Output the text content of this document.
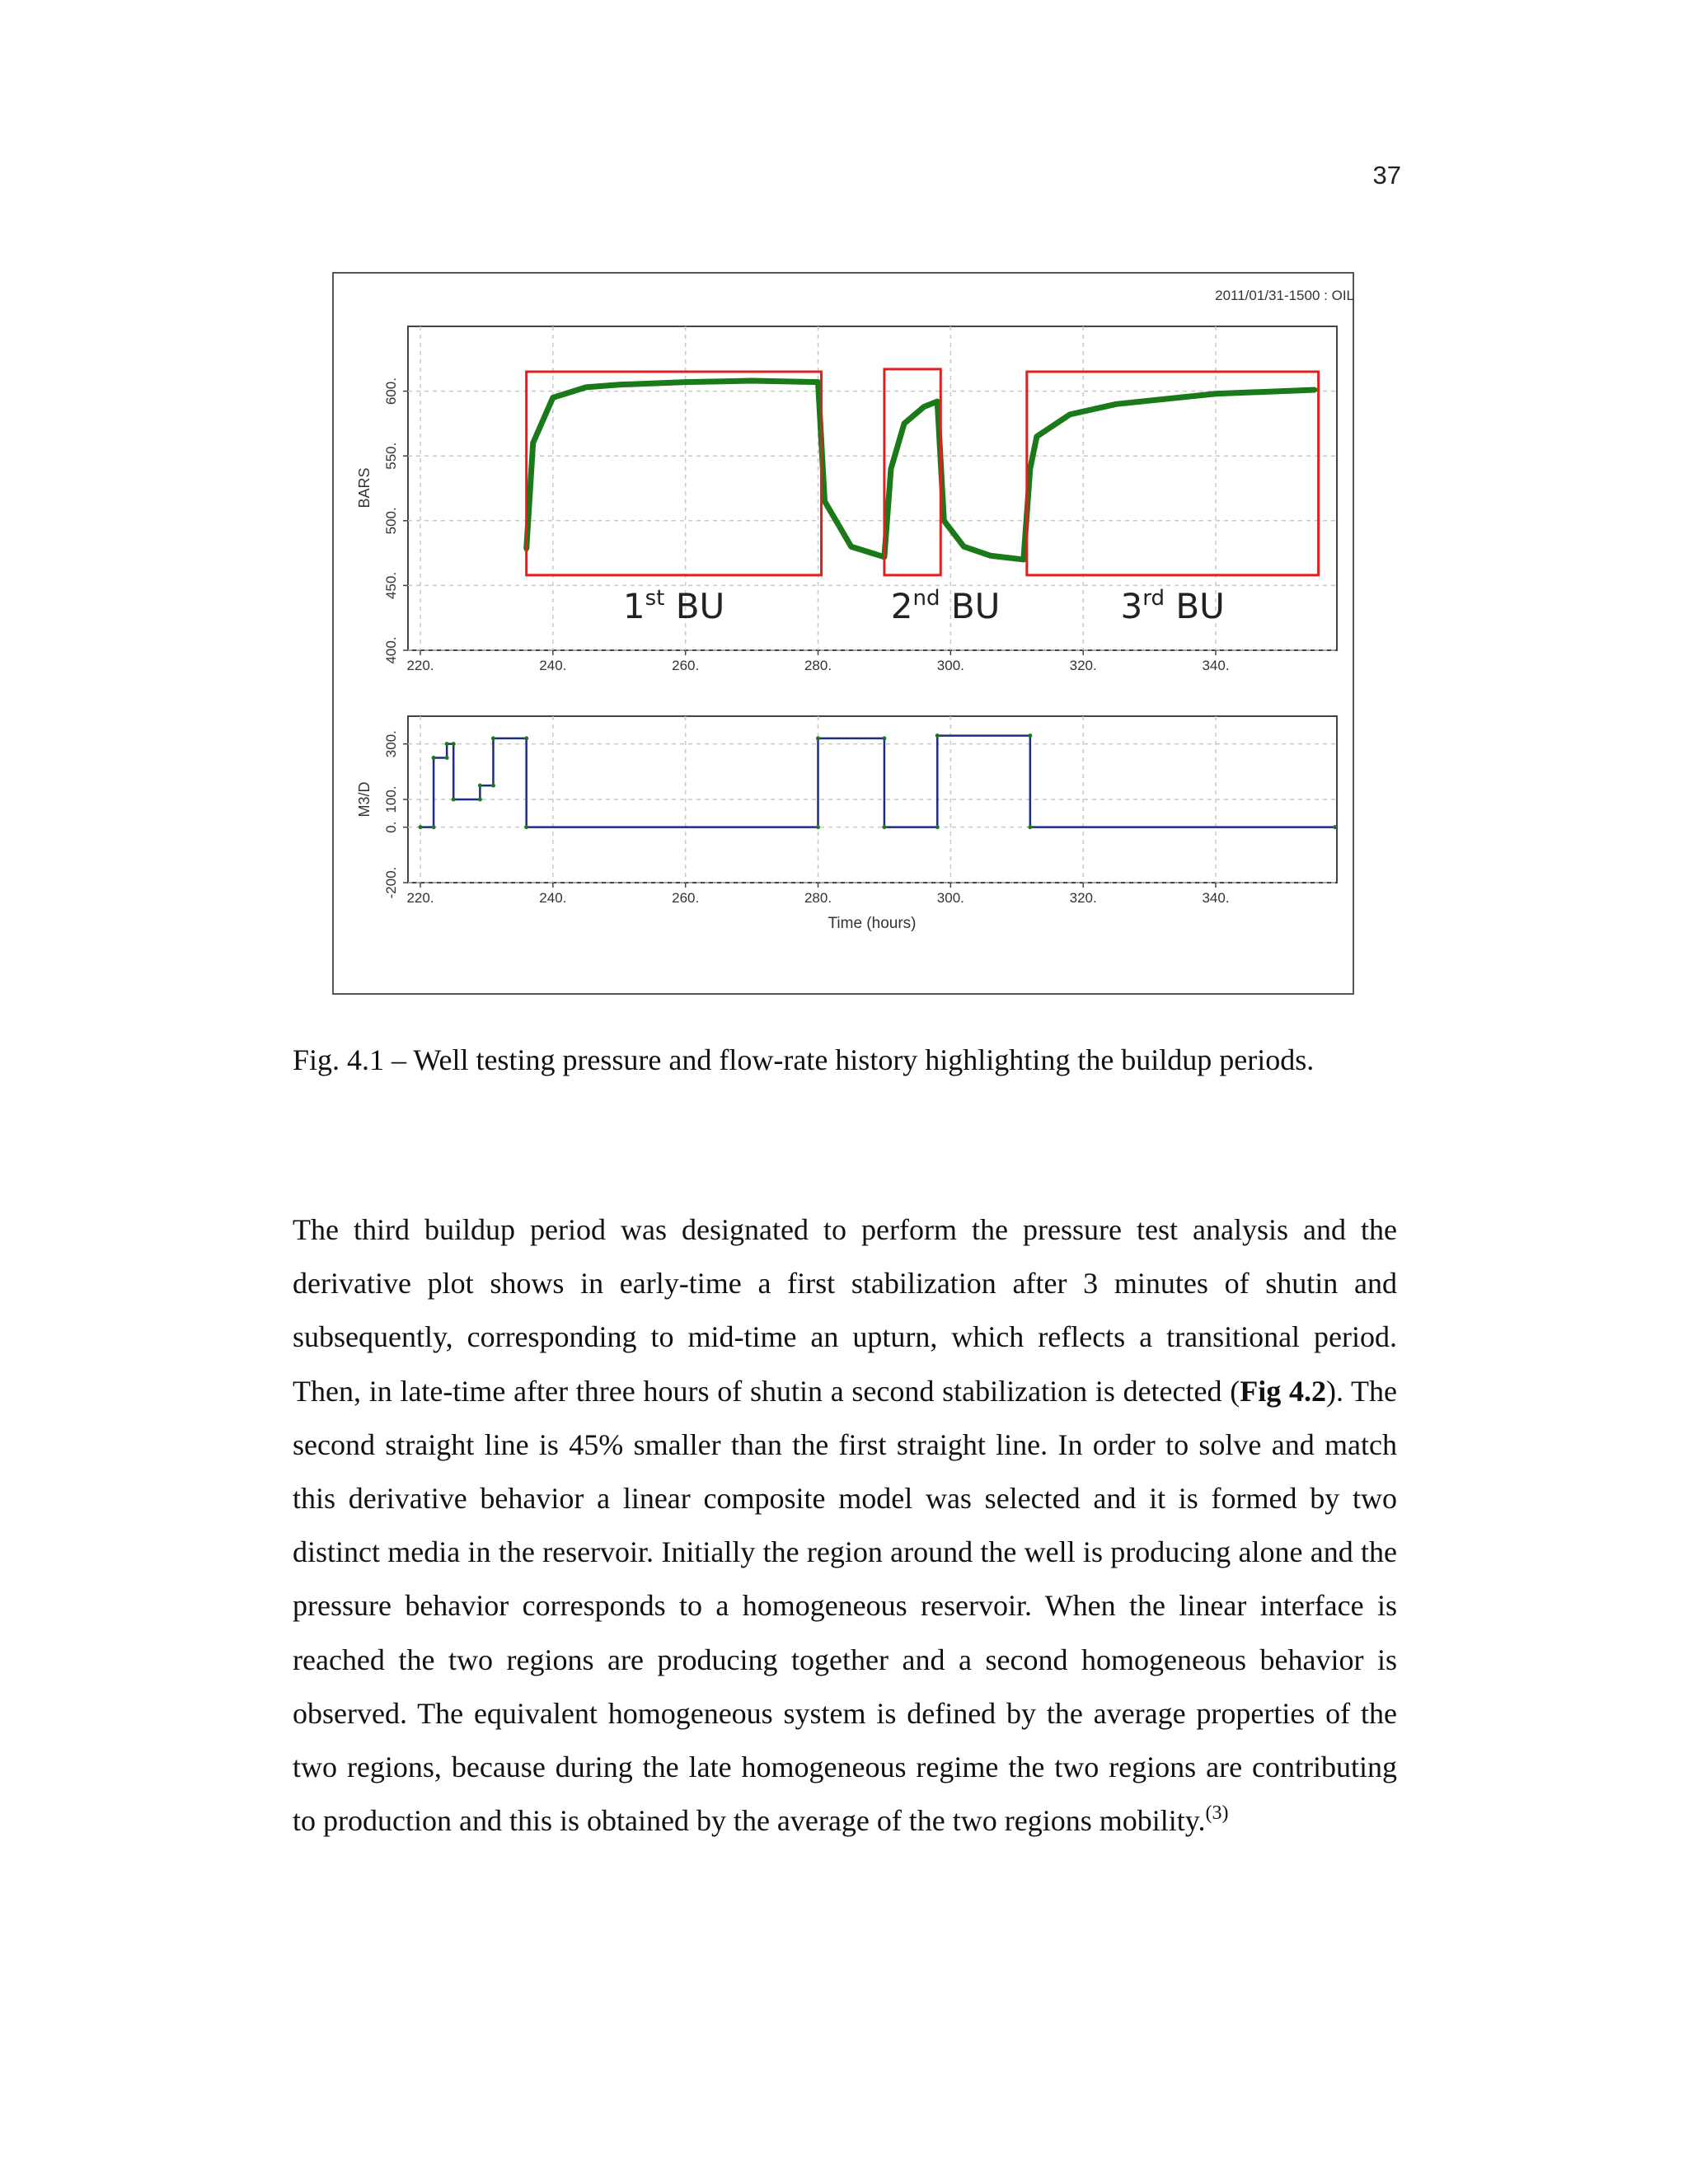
37
2011/01/31-1500 : OIL
220.	240.	260.	280.	300.	320.	340.
400.
450.
500.
550.
600.
BARS
1st BU	2nd BU	3rd BU
220.	240.	260.	280.	300.	320.	340.
-200.
0.
100.
300.
M3/D
Time (hours)
Fig. 4.1 – Well testing pressure and flow-rate history highlighting the buildup periods.

The third buildup period was designated to perform the pressure test analysis and the derivative plot shows in early-time a first stabilization after 3 minutes of shutin and subsequently, corresponding to mid-time an upturn, which reflects a transitional period. Then, in late-time after three hours of shutin a second stabilization is detected (Fig 4.2). The second straight line is 45% smaller than the first straight line. In order to solve and match this derivative behavior a linear composite model was selected and it is formed by two distinct media in the reservoir. Initially the region around the well is producing alone and the pressure behavior corresponds to a homogeneous reservoir. When the linear interface is reached the two regions are producing together and a second homogeneous behavior is observed. The equivalent homogeneous system is defined by the average properties of the two regions, because during the late homogeneous regime the two regions are contributing to production and this is obtained by the average of the two regions mobility.$^{(3)}$
